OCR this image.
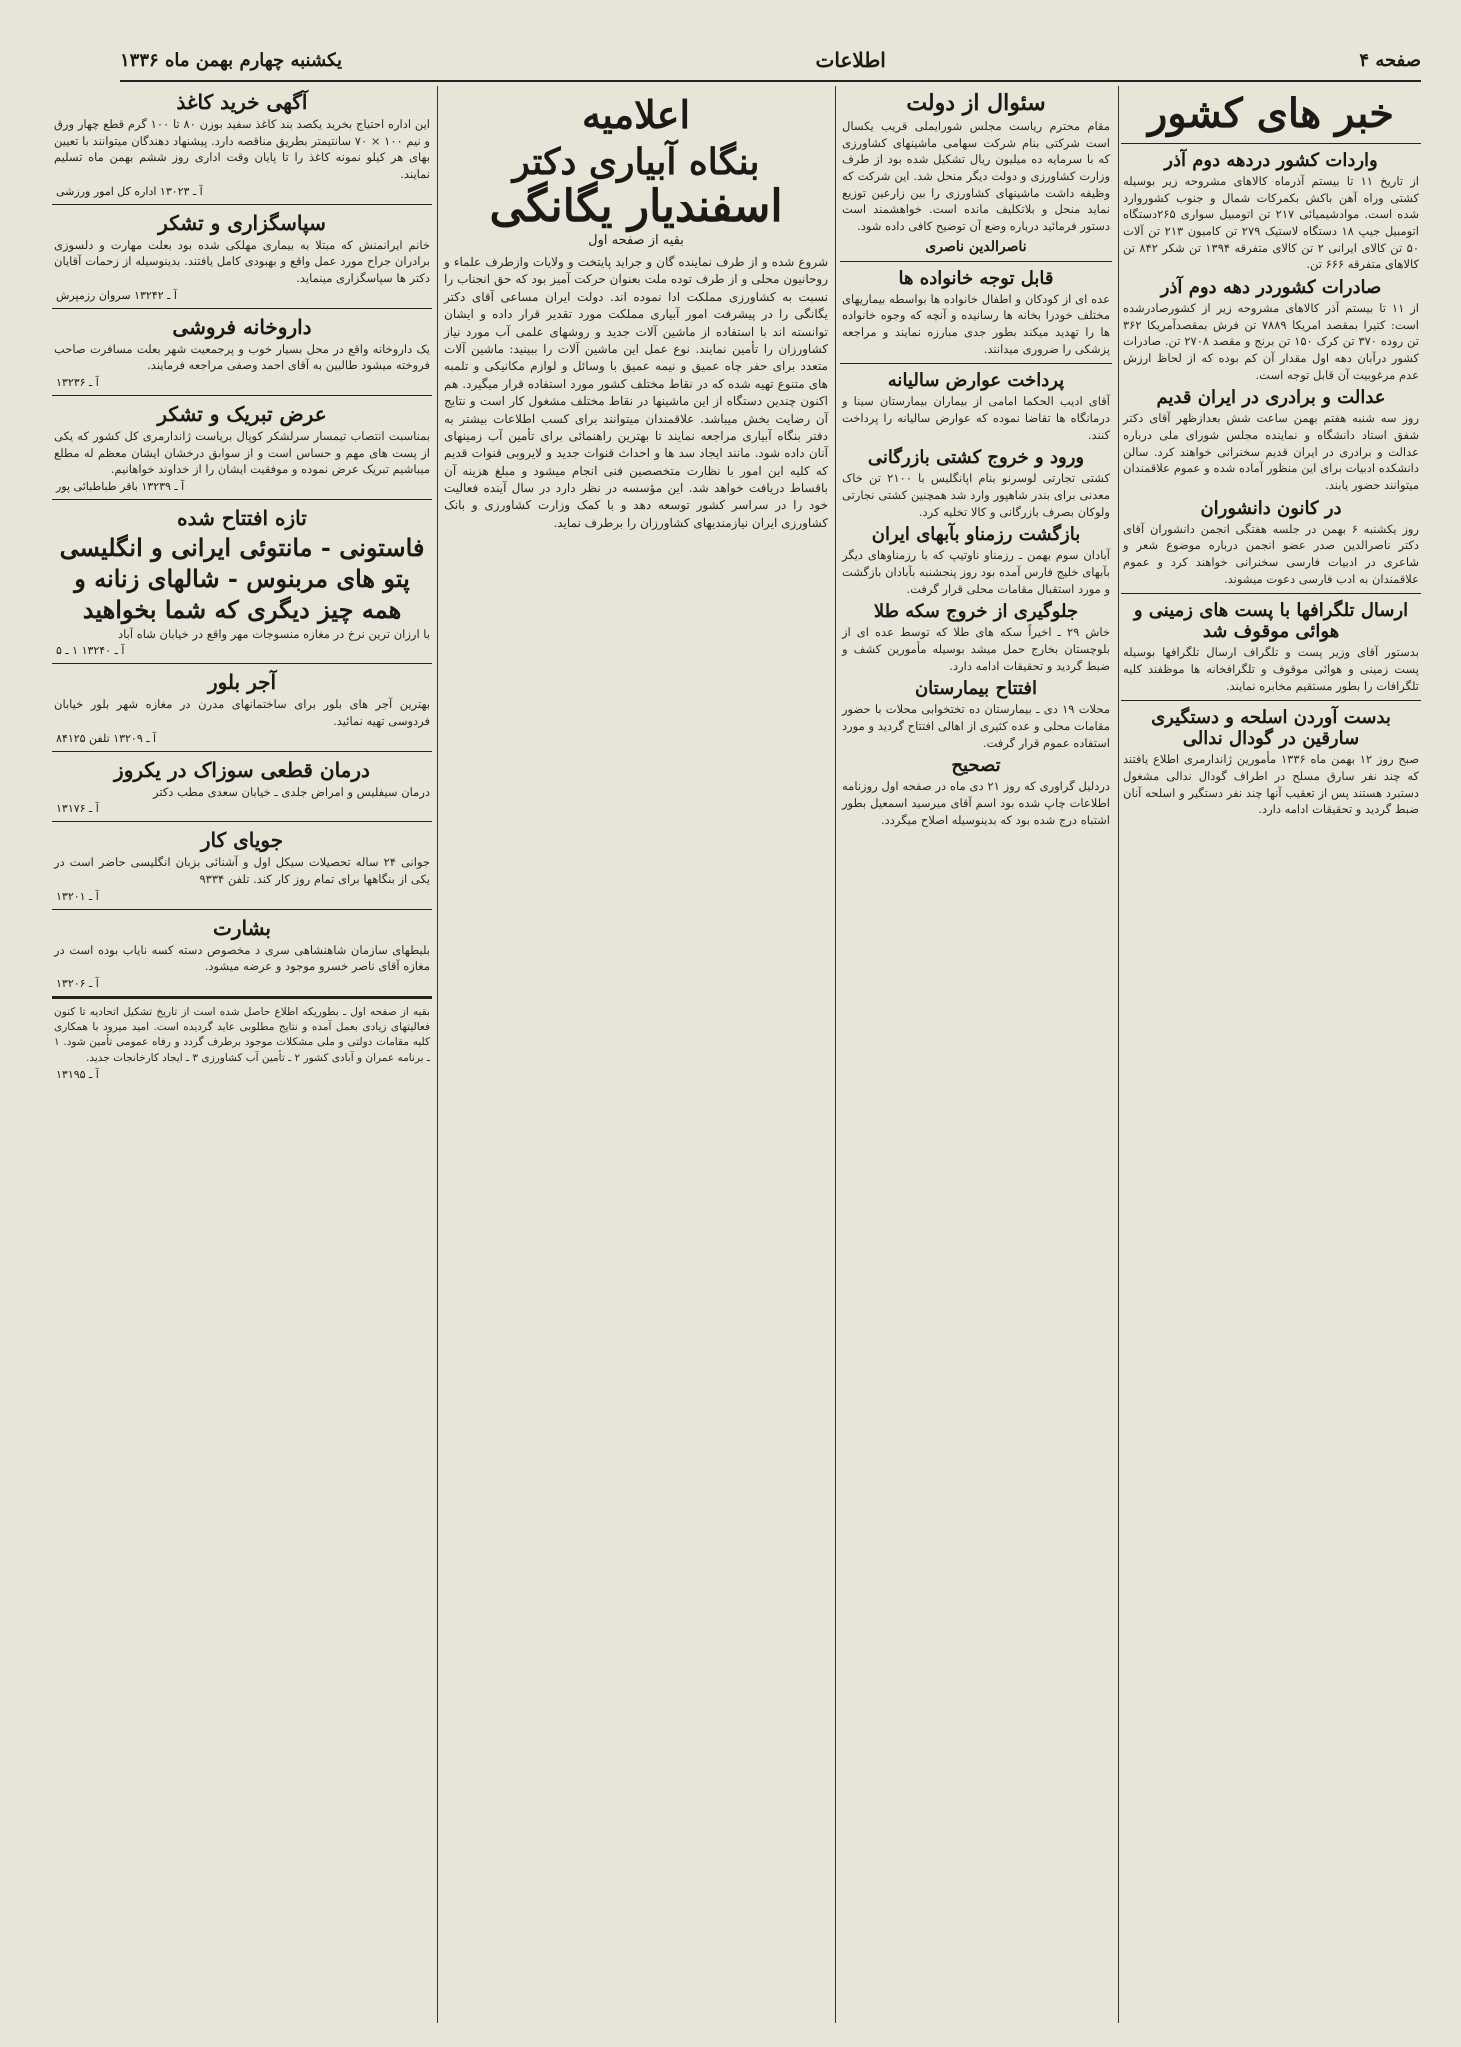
صفحه ۴
اطلاعات
یکشنبه چهارم بهمن ماه ۱۳۳۶
خبر های کشور
واردات کشور دردهه دوم آذر
از تاریخ ۱۱ تا بیستم آذرماه کالاهای مشروحه زیر بوسیله کشتی وراه آهن باکش بکمرکات شمال و جنوب کشوروارد شده است. موادشیمیائی ۲۱۷ تن اتومبیل سواری ۲۶۵دستگاه اتومبیل جیپ ۱۸ دستگاه لاستیک ۲۷۹ تن کامیون ۲۱۳ تن آلات ۵۰ تن کالای ایرانی ۲ تن کالای متفرقه ۱۳۹۴ تن شکر ۸۴۲ تن کالاهای متفرقه ۶۶۶ تن.
صادرات کشوردر دهه دوم آذر
از ۱۱ تا بیستم آذر کالاهای مشروحه زیر از کشورصادرشده است: کتیرا بمقصد امریکا ۷۸۸۹ تن فرش بمقصدآمریکا ۳۶۲ تن روده ۳۷۰ تن کرک ۱۵۰ تن برنج و مقصد ۲۷۰۸ تن. صادرات کشور درآبان دهه اول مقدار آن کم بوده که از لحاظ ارزش عدم مرغوبیت آن قابل توجه است.
عدالت و برادری در ایران قدیم
روز سه شنبه هفتم بهمن ساعت شش بعدازظهر آقای دکتر شفق استاد دانشگاه و نماینده مجلس شورای ملی درباره عدالت و برادری در ایران قدیم سخنرانی خواهند کرد. سالن دانشکده ادبیات برای این منظور آماده شده و عموم علاقمندان میتوانند حضور یابند.
در کانون دانشوران
روز یکشنبه ۶ بهمن در جلسه هفتگی انجمن دانشوران آقای دکتر ناصرالدین صدر عضو انجمن درباره موضوع شعر و شاعری در ادبیات فارسی سخنرانی خواهند کرد و عموم علاقمندان به ادب فارسی دعوت میشوند.
ارسال تلگرافها با پست های زمینی و هوائی موقوف شد
بدستور آقای وزیر پست و تلگراف ارسال تلگرافها بوسیله پست زمینی و هوائی موقوف و تلگرافخانه ها موظفند کلیه تلگرافات را بطور مستقیم مخابره نمایند.
بدست آوردن اسلحه و دستگیری سارقین در گودال ندالی
صبح روز ۱۲ بهمن ماه ۱۳۳۶ مأمورین ژاندارمری اطلاع یافتند که چند نفر سارق مسلح در اطراف گودال ندالی مشغول دستبرد هستند پس از تعقیب آنها چند نفر دستگیر و اسلحه آنان ضبط گردید و تحقیقات ادامه دارد.
سئوال از دولت
مقام محترم ریاست مجلس شورایملی قریب یکسال است شرکتی بنام شرکت سهامی ماشینهای کشاورزی که با سرمایه ده میلیون ریال تشکیل شده بود از طرف وزارت کشاورزی و دولت دیگر منحل شد. این شرکت که وظیفه داشت ماشینهای کشاورزی را بین زارعین توزیع نماید منحل و بلاتکلیف مانده است. خواهشمند است دستور فرمائید درباره وضع آن توضیح کافی داده شود.
ناصرالدین ناصری
قابل توجه خانواده ها
عده ای از کودکان و اطفال خانواده ها بواسطه بیماریهای مختلف خودرا بخانه ها رسانیده و آنچه که وجوه خانواده ها را تهدید میکند بطور جدی مبارزه نمایند و مراجعه پزشکی را ضروری میدانند.
پرداخت عوارض سالیانه
آقای ادیب الحکما امامی از بیماران بیمارستان سینا و درمانگاه ها تقاضا نموده که عوارض سالیانه را پرداخت کنند.
ورود و خروج کشتی بازرگانی
کشتی تجارتی لوسرنو بنام اپانگلیس با ۲۱۰۰ تن خاک معدنی برای بندر شاهپور وارد شد همچنین کشتی نجارتی ولوکان بصرف بازرگانی و کالا تخلیه کرد.
بازگشت رزمناو بآبهای ایران
آبادان سوم بهمن ـ رزمناو ناوتیپ که با رزمناوهای دیگر بآبهای خلیج فارس آمده بود روز پنجشنبه بآبادان بازگشت و مورد استقبال مقامات محلی قرار گرفت.
جلوگیری از خروج سکه طلا
خاش ۲۹ ـ اخیراً سکه های طلا که توسط عده ای از بلوچستان بخارج حمل میشد بوسیله مأمورین کشف و ضبط گردید و تحقیقات ادامه دارد.
افتتاح بیمارستان
محلات ۱۹ دی ـ بیمارستان ده تختخوابی محلات با حضور مقامات محلی و عده کثیری از اهالی افتتاح گردید و مورد استفاده عموم قرار گرفت.
تصحیح
دردلیل گراوری که روز ۲۱ دی ماه در صفحه اول روزنامه اطلاعات چاپ شده بود اسم آقای میرسید اسمعیل بطور اشتباه درج شده بود که بدینوسیله اصلاح میگردد.
اعلامیه
بنگاه آبیاری دکتر
اسفندیار یگانگی
بقیه از صفحه اول
شروع شده و از طرف نماینده گان و جراید پایتخت و ولایات وازطرف علماء و روحانیون محلی و از طرف توده ملت بعنوان حرکت آمیز بود که حق انجناب را نسبت به کشاورزی مملکت ادا نموده اند. دولت ایران مساعی آقای دکتر یگانگی را در پیشرفت امور آبیاری مملکت مورد تقدیر قرار داده و ایشان توانسته اند با استفاده از ماشین آلات جدید و روشهای علمی آب مورد نیاز کشاورزان را تأمین نمایند. نوع عمل این ماشین آلات را ببینید: ماشین آلات متعدد برای حفر چاه عمیق و نیمه عمیق با وسائل و لوازم مکانیکی و تلمبه های متنوع تهیه شده که در نقاط مختلف کشور مورد استفاده قرار میگیرد. هم اکنون چندین دستگاه از این ماشینها در نقاط مختلف مشغول کار است و نتایج آن رضایت بخش میباشد. علاقمندان میتوانند برای کسب اطلاعات بیشتر به دفتر بنگاه آبیاری مراجعه نمایند تا بهترین راهنمائی برای تأمین آب زمینهای آنان داده شود. مانند ایجاد سد ها و احداث قنوات جدید و لایروبی قنوات قدیم که کلیه این امور با نظارت متخصصین فنی انجام میشود و مبلغ هزینه آن باقساط دریافت خواهد شد. این مؤسسه در نظر دارد در سال آینده فعالیت خود را در سراسر کشور توسعه دهد و با کمک وزارت کشاورزی و بانک کشاورزی ایران نیازمندیهای کشاورزان را برطرف نماید.
آگهی خرید کاغذ
این اداره احتیاج بخرید یکصد بند کاغذ سفید بوزن ۸۰ تا ۱۰۰ گرم قطع چهار ورق و نیم ۱۰۰ × ۷۰ سانتیمتر بطریق مناقصه دارد. پیشنهاد دهندگان میتوانند با تعیین بهای هر کیلو نمونه کاغذ را تا پایان وقت اداری روز ششم بهمن ماه تسلیم نمایند.
آ ـ ۱۳۰۲۳ اداره کل امور ورزشی
سپاسگزاری و تشکر
خانم ایرانمنش که مبتلا به بیماری مهلکی شده بود بعلت مهارت و دلسوزی برادران جراح مورد عمل واقع و بهبودی کامل یافتند. بدینوسیله از زحمات آقایان دکتر ها سپاسگزاری مینماید.
آ ـ ۱۳۲۴۲ سروان رزمپرش
داروخانه فروشی
یک داروخانه واقع در محل بسیار خوب و پرجمعیت شهر بعلت مسافرت صاحب فروخته میشود طالبین به آقای احمد وصفی مراجعه فرمایند.
آ ـ ۱۳۲۳۶
عرض تبریک و تشکر
بمناسبت انتصاب تیمسار سرلشکر کوپال بریاست ژاندارمری کل کشور که یکی از پست های مهم و حساس است و از سوابق درخشان ایشان معظم له مطلع میباشیم تبریک عرض نموده و موفقیت ایشان را از خداوند خواهانیم.
آ ـ ۱۳۲۳۹ باقر طباطبائی پور
تازه افتتاح شده
فاستونی - مانتوئی ایرانی و انگلیسی پتو های مربنوس - شالهای زنانه و همه چیز دیگری که شما بخواهید
با ارزان ترین نرخ در مغازه منسوجات مهر واقع در خیابان شاه آباد
آ ـ ۱۳۲۴۰ ۱ ـ ۵
آجر بلور
بهترین آجر های بلور برای ساختمانهای مدرن در مغازه شهر بلور خیابان فردوسی تهیه نمائید.
آ ـ ۱۳۲۰۹ تلفن ۸۴۱۲۵
درمان قطعی سوزاک در یکروز
درمان سیفلیس و امراض جلدی ـ خیابان سعدی مطب دکتر
آ ـ ۱۳۱۷۶
جویای کار
جوانی ۲۴ ساله تحصیلات سیکل اول و آشنائی بزبان انگلیسی حاضر است در یکی از بنگاهها برای تمام روز کار کند. تلفن ۹۳۳۴
آ ـ ۱۳۲۰۱
بشارت
بلیطهای سازمان شاهنشاهی سری د مخصوص دسته کسه نایاب بوده است در مغازه آقای ناصر خسرو موجود و عرضه میشود.
آ ـ ۱۳۲۰۶
بقیه از صفحه اول ـ بطوریکه اطلاع حاصل شده است از تاریخ تشکیل اتحادیه تا کنون فعالیتهای زیادی بعمل آمده و نتایج مطلوبی عاید گردیده است. امید میرود با همکاری کلیه مقامات دولتی و ملی مشکلات موجود برطرف گردد و رفاه عمومی تأمین شود. ۱ ـ برنامه عمران و آبادی کشور ۲ ـ تأمین آب کشاورزی ۳ ـ ایجاد کارخانجات جدید.
آ ـ ۱۳۱۹۵
